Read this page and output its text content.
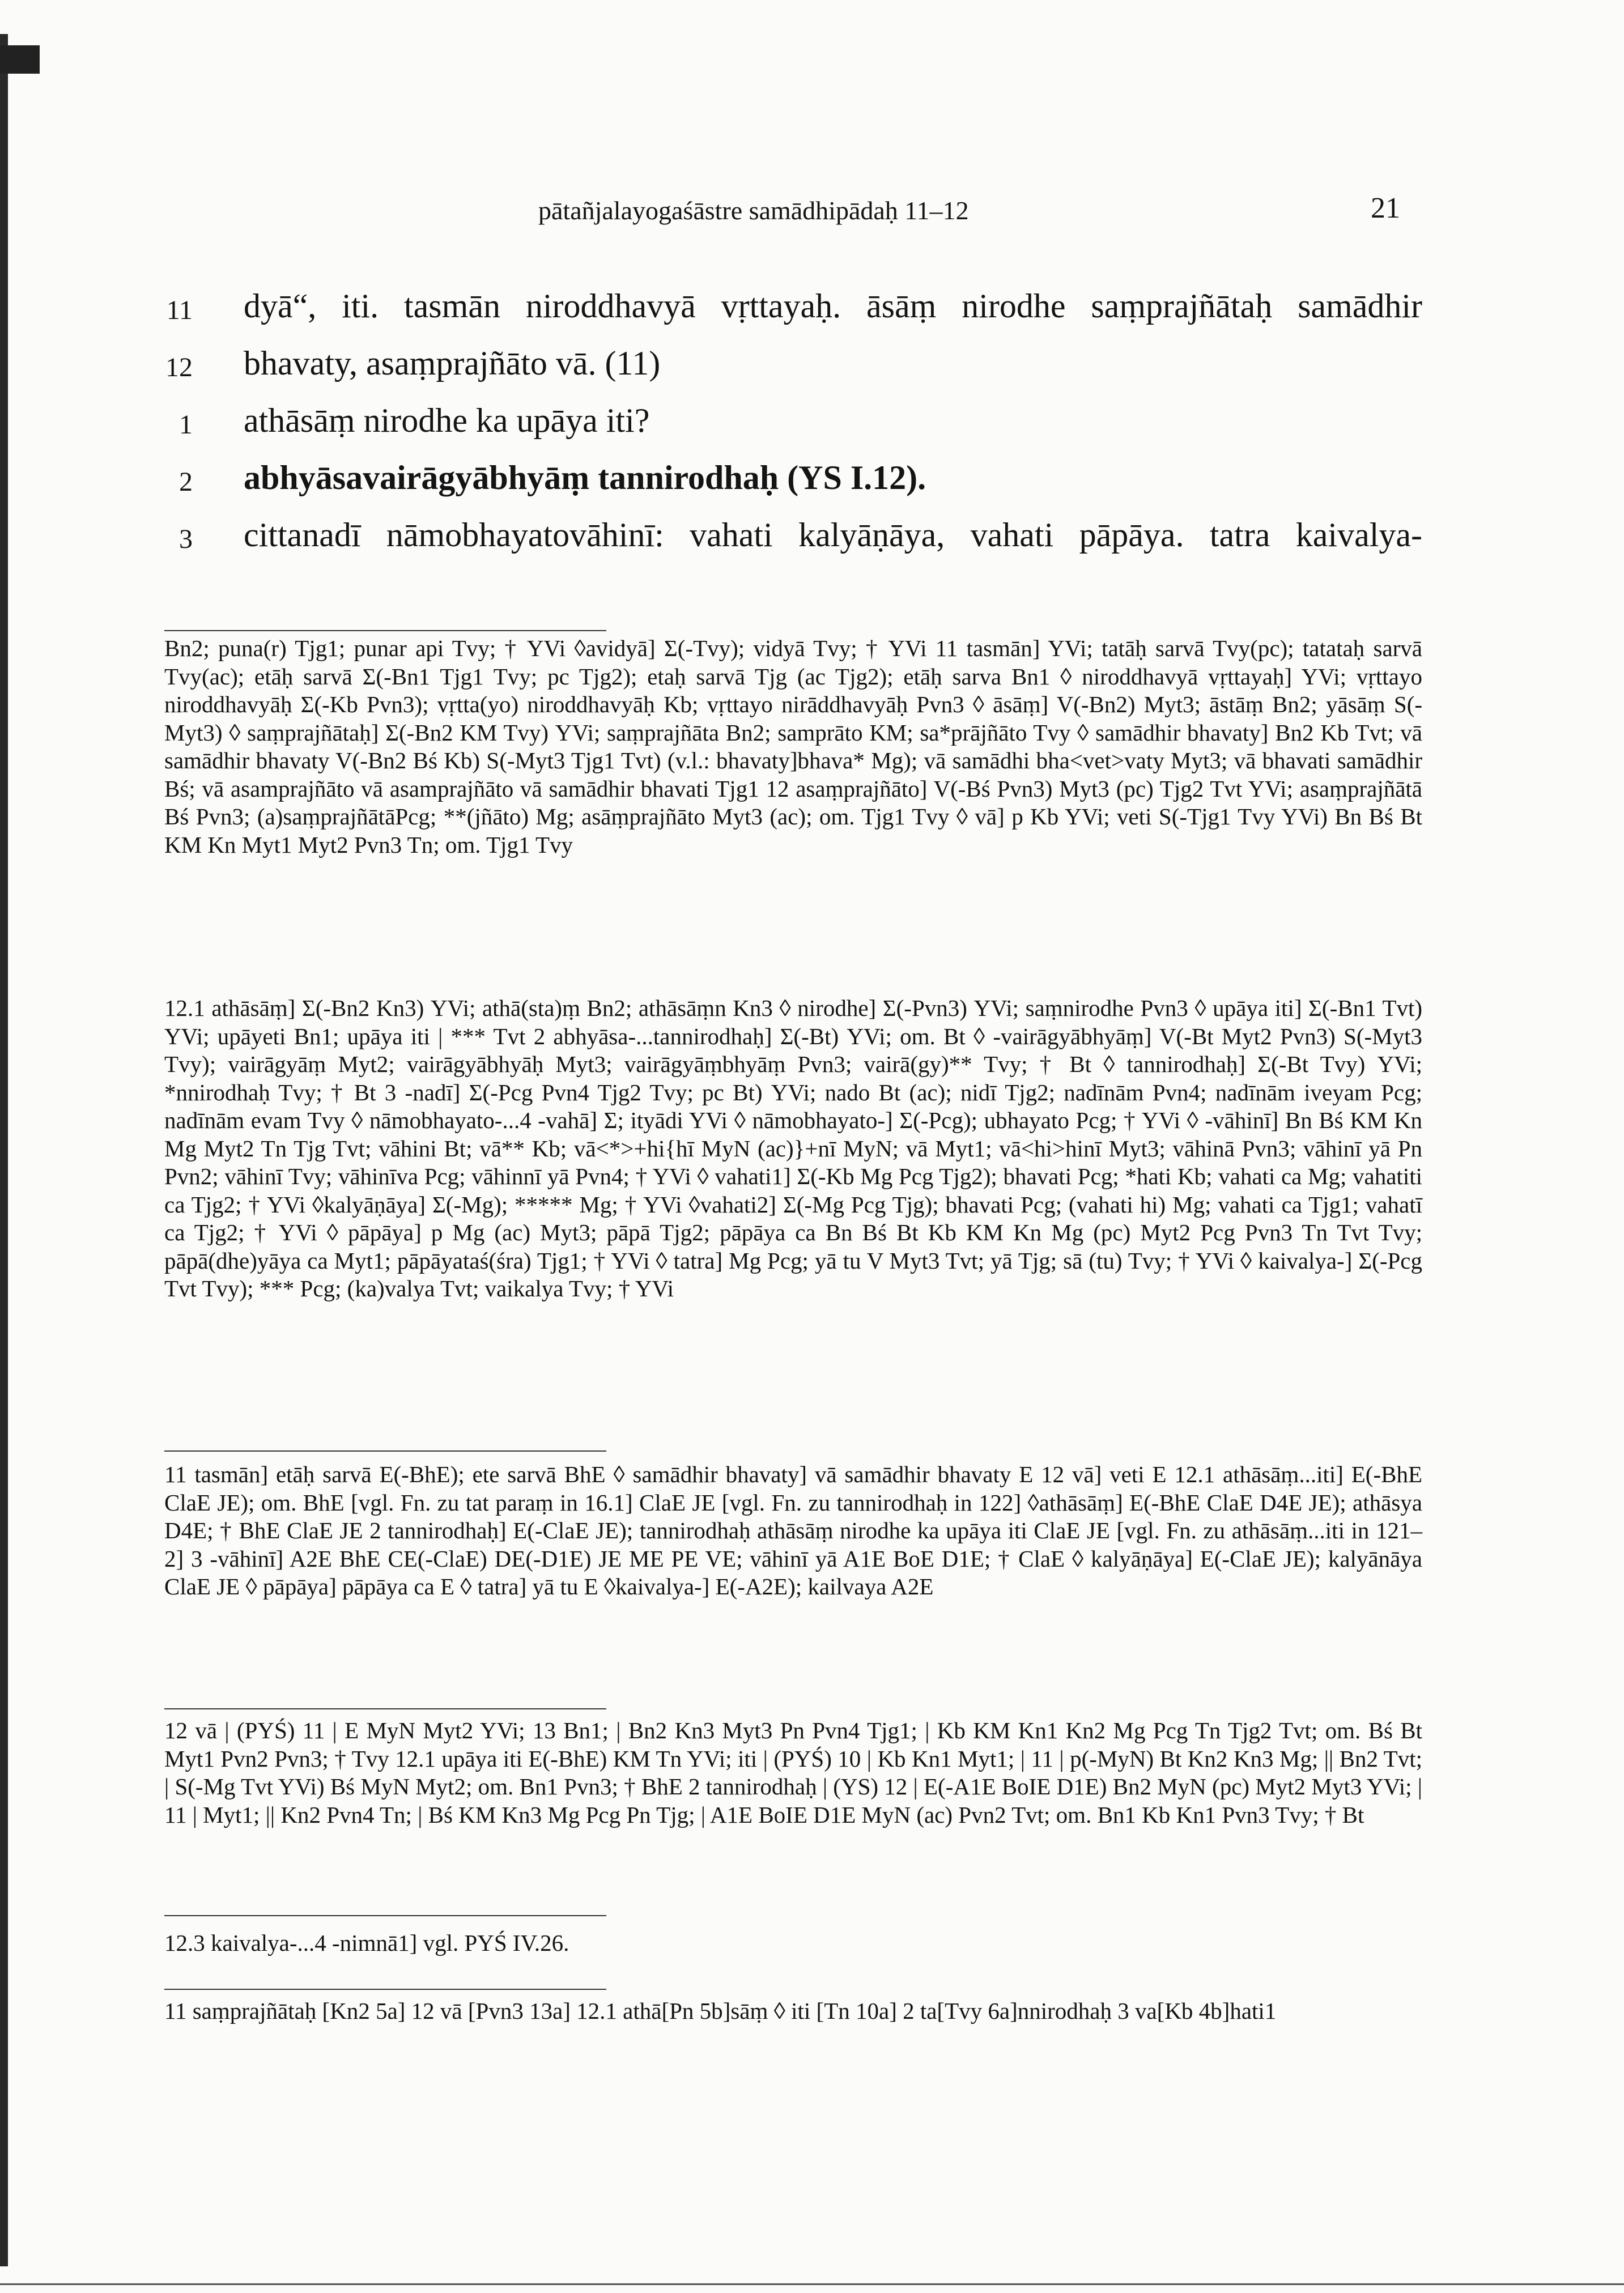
pātañjalayogaśāstre samādhipādaḥ 11–12	21
11 dyā“, iti. tasmān niroddhavyā vṛttayaḥ. āsāṃ nirodhe saṃprajñātaḥ samādhir
12 bhavaty, asaṃprajñāto vā. (11)
1 athāsāṃ nirodhe ka upāya iti?
2 abhyāsavairāgyābhyāṃ tannirodhaḥ (YS I.12).
3 cittanadī nāmobhayatovāhinī: vahati kalyāṇāya, vahati pāpāya. tatra kaivalya-

Bn2; puna(r) Tjg1; punar api Tvy; † YVi ◊avidyā] Σ(-Tvy); vidyā Tvy; † YVi 11 tasmān] YVi; tatāḥ sarvā Tvy(pc); tatataḥ sarvā Tvy(ac); etāḥ sarvā Σ(-Bn1 Tjg1 Tvy; pc Tjg2); etaḥ sarvā Tjg (ac Tjg2); etāḥ sarva Bn1 ◊ niroddhavyā vṛttayaḥ] YVi; vṛttayo niroddhavyāḥ Σ(-Kb Pvn3); vṛtta(yo) niroddhavyāḥ Kb; vṛttayo nirāddhavyāḥ Pvn3 ◊ āsāṃ] V(-Bn2) Myt3; āstāṃ Bn2; yāsāṃ S(-Myt3) ◊ saṃprajñātaḥ] Σ(-Bn2 KM Tvy) YVi; saṃprajñāta Bn2; samprāto KM; sa*prājñāto Tvy ◊ samādhir bhavaty] Bn2 Kb Tvt; vā samādhir bhavaty V(-Bn2 Bś Kb) S(-Myt3 Tjg1 Tvt) (v.l.: bhavaty]bhava* Mg); vā samādhi bha<vet>vaty Myt3; vā bhavati samādhir Bś; vā asamprajñāto vā asamprajñāto vā samādhir bhavati Tjg1 12 asaṃprajñāto] V(-Bś Pvn3) Myt3 (pc) Tjg2 Tvt YVi; asaṃprajñātā Bś Pvn3; (a)saṃprajñātāPcg; **(jñāto) Mg; asāṃprajñāto Myt3 (ac); om. Tjg1 Tvy ◊ vā] p Kb YVi; veti S(-Tjg1 Tvy YVi) Bn Bś Bt KM Kn Myt1 Myt2 Pvn3 Tn; om. Tjg1 Tvy

12.1 athāsāṃ] Σ(-Bn2 Kn3) YVi; athā(sta)ṃ Bn2; athāsāṃn Kn3 ◊ nirodhe] Σ(-Pvn3) YVi; saṃnirodhe Pvn3 ◊ upāya iti] Σ(-Bn1 Tvt) YVi; upāyeti Bn1; upāya iti | *** Tvt 2 abhyāsa-...tannirodhaḥ] Σ(-Bt) YVi; om. Bt ◊ -vairāgyābhyāṃ] V(-Bt Myt2 Pvn3) S(-Myt3 Tvy); vairāgyāṃ Myt2; vairāgyābhyāḥ Myt3; vairāgyāṃbhyāṃ Pvn3; vairā(gy)** Tvy; † Bt ◊ tannirodhaḥ] Σ(-Bt Tvy) YVi; *nnirodhaḥ Tvy; † Bt 3 -nadī] Σ(-Pcg Pvn4 Tjg2 Tvy; pc Bt) YVi; nado Bt (ac); nidī Tjg2; nadīnām Pvn4; nadīnām iveyam Pcg; nadīnām evam Tvy ◊ nāmobhayato-...4 -vahā] Σ; ityādi YVi ◊ nāmobhayato-] Σ(-Pcg); ubhayato Pcg; † YVi ◊ -vāhinī] Bn Bś KM Kn Mg Myt2 Tn Tjg Tvt; vāhini Bt; vā** Kb; vā<*>+hi{hī MyN (ac)}+nī MyN; vā Myt1; vā<hi>hinī Myt3; vāhinā Pvn3; vāhinī yā Pn Pvn2; vāhinī Tvy; vāhinīva Pcg; vāhinnī yā Pvn4; † YVi ◊ vahati1] Σ(-Kb Mg Pcg Tjg2); bhavati Pcg; *hati Kb; vahati ca Mg; vahatiti ca Tjg2; † YVi ◊kalyāṇāya] Σ(-Mg); ***** Mg; † YVi ◊vahati2] Σ(-Mg Pcg Tjg); bhavati Pcg; (vahati hi) Mg; vahati ca Tjg1; vahatī ca Tjg2; † YVi ◊ pāpāya] p Mg (ac) Myt3; pāpā Tjg2; pāpāya ca Bn Bś Bt Kb KM Kn Mg (pc) Myt2 Pcg Pvn3 Tn Tvt Tvy; pāpā(dhe)yāya ca Myt1; pāpāyataś(śra) Tjg1; † YVi ◊ tatra] Mg Pcg; yā tu V Myt3 Tvt; yā Tjg; sā (tu) Tvy; † YVi ◊ kaivalya-] Σ(-Pcg Tvt Tvy); *** Pcg; (ka)valya Tvt; vaikalya Tvy; † YVi

11 tasmān] etāḥ sarvā E(-BhE); ete sarvā BhE ◊ samādhir bhavaty] vā samādhir bhavaty E 12 vā] veti E 12.1 athāsāṃ...iti] E(-BhE ClaE JE); om. BhE [vgl. Fn. zu tat paraṃ in 16.1] ClaE JE [vgl. Fn. zu tannirodhaḥ in 122] ◊athāsāṃ] E(-BhE ClaE D4E JE); athāsya D4E; † BhE ClaE JE 2 tannirodhaḥ] E(-ClaE JE); tannirodhaḥ athāsāṃ nirodhe ka upāya iti ClaE JE [vgl. Fn. zu athāsāṃ...iti in 121–2] 3 -vāhinī] A2E BhE CE(-ClaE) DE(-D1E) JE ME PE VE; vāhinī yā A1E BoE D1E; † ClaE ◊ kalyāṇāya] E(-ClaE JE); kalyānāya ClaE JE ◊ pāpāya] pāpāya ca E ◊ tatra] yā tu E ◊kaivalya-] E(-A2E); kailvaya A2E

12 vā | (PYŚ) 11 | E MyN Myt2 YVi; 13 Bn1; | Bn2 Kn3 Myt3 Pn Pvn4 Tjg1; | Kb KM Kn1 Kn2 Mg Pcg Tn Tjg2 Tvt; om. Bś Bt Myt1 Pvn2 Pvn3; † Tvy 12.1 upāya iti E(-BhE) KM Tn YVi; iti | (PYŚ) 10 | Kb Kn1 Myt1; | 11 | p(-MyN) Bt Kn2 Kn3 Mg; || Bn2 Tvt; | S(-Mg Tvt YVi) Bś MyN Myt2; om. Bn1 Pvn3; † BhE 2 tannirodhaḥ | (YS) 12 | E(-A1E BoIE D1E) Bn2 MyN (pc) Myt2 Myt3 YVi; | 11 | Myt1; || Kn2 Pvn4 Tn; | Bś KM Kn3 Mg Pcg Pn Tjg; | A1E BoIE D1E MyN (ac) Pvn2 Tvt; om. Bn1 Kb Kn1 Pvn3 Tvy; † Bt

12.3 kaivalya-...4 -nimnā1] vgl. PYŚ IV.26.

11 saṃprajñātaḥ [Kn2 5a] 12 vā [Pvn3 13a] 12.1 athā[Pn 5b]sāṃ ◊ iti [Tn 10a] 2 ta[Tvy 6a]nnirodhaḥ 3 va[Kb 4b]hati1
